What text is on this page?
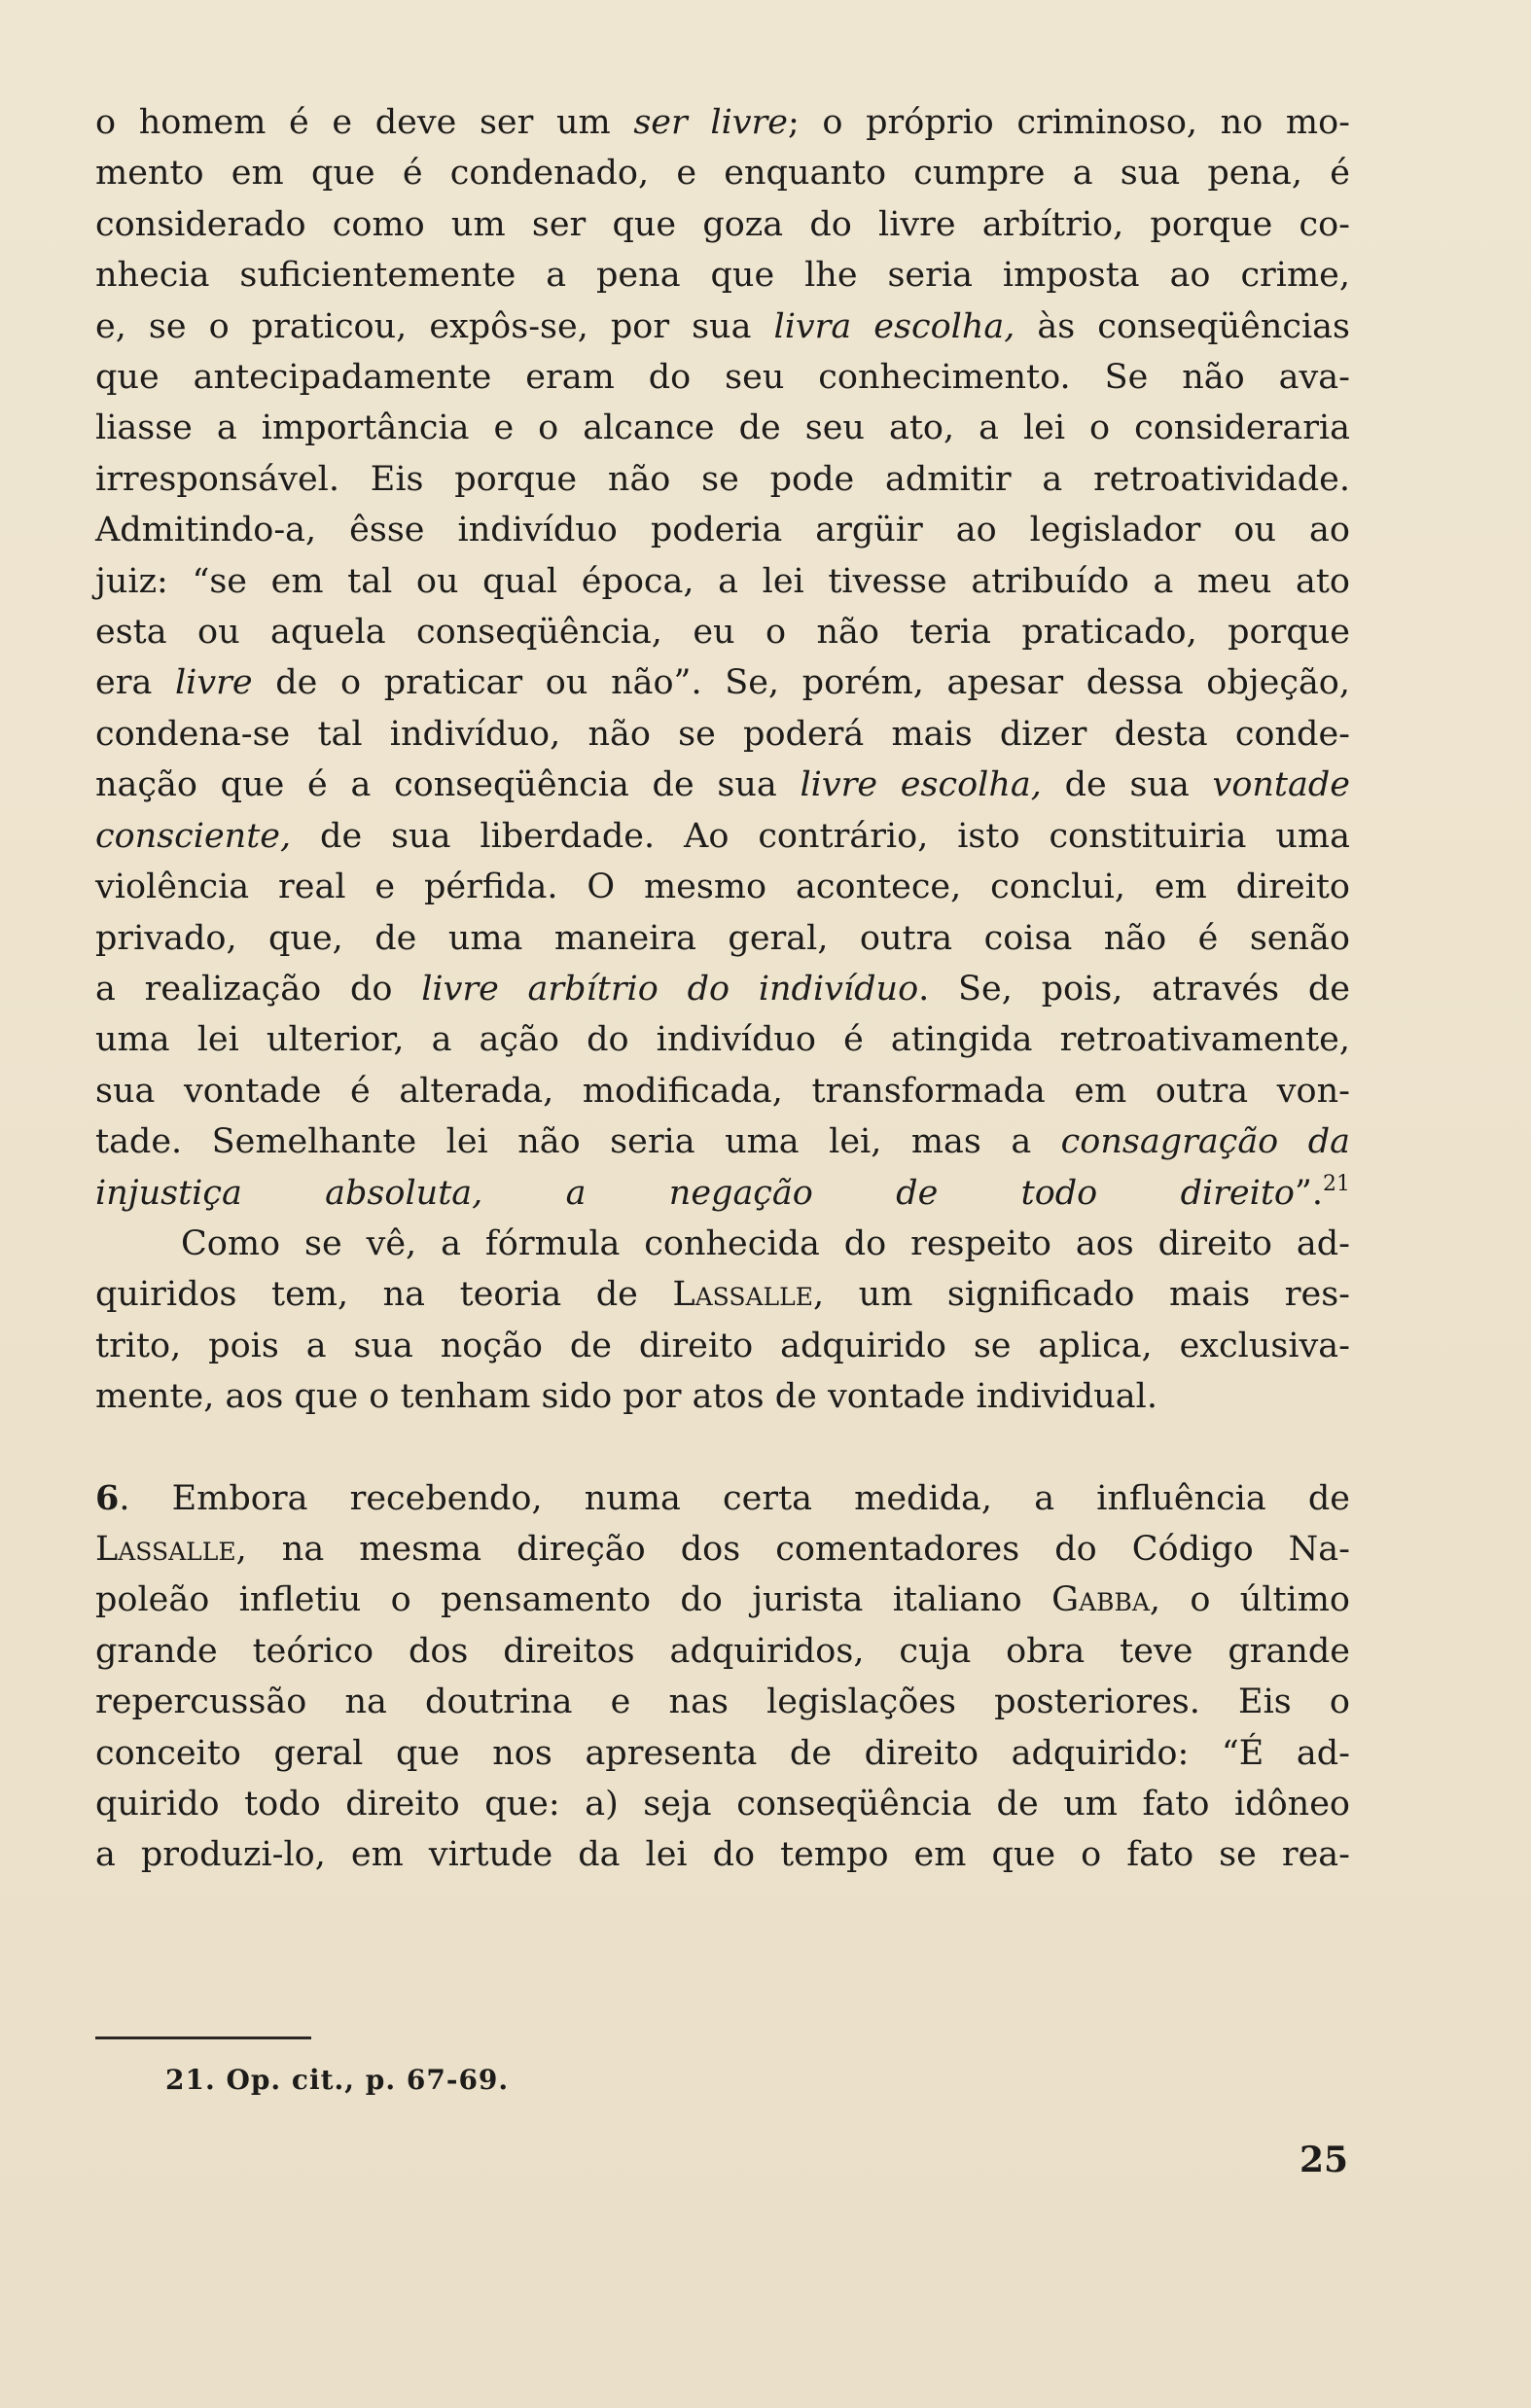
o homem é e deve ser um ser livre; o próprio criminoso, no mo-
mento em que é condenado, e enquanto cumpre a sua pena, é
considerado como um ser que goza do livre arbítrio, porque co-
nhecia suficientemente a pena que lhe seria imposta ao crime,
e, se o praticou, expôs-se, por sua livra escolha, às conseqüências
que antecipadamente eram do seu conhecimento. Se não ava-
liasse a importância e o alcance de seu ato, a lei o consideraria
irresponsável. Eis porque não se pode admitir a retroatividade.
Admitindo-a, êsse indivíduo poderia argüir ao legislador ou ao
juiz: “se em tal ou qual época, a lei tivesse atribuído a meu ato
esta ou aquela conseqüência, eu o não teria praticado, porque
era livre de o praticar ou não”. Se, porém, apesar dessa objeção,
condena-se tal indivíduo, não se poderá mais dizer desta conde-
nação que é a conseqüência de sua livre escolha, de sua vontade
consciente, de sua liberdade. Ao contrário, isto constituiria uma
violência real e pérfida. O mesmo acontece, conclui, em direito
privado, que, de uma maneira geral, outra coisa não é senão
a realização do livre arbítrio do indivíduo. Se, pois, através de
uma lei ulterior, a ação do indivíduo é atingida retroativamente,
sua vontade é alterada, modificada, transformada em outra von-
tade. Semelhante lei não seria uma lei, mas a consagração da
injustiça absoluta, a negação de todo direito”.$^{21}$
Como se vê, a fórmula conhecida do respeito aos direito ad-
quiridos tem, na teoria de Lassalle, um significado mais res-
trito, pois a sua noção de direito adquirido se aplica, exclusiva-
mente, aos que o tenham sido por atos de vontade individual.
6. Embora recebendo, numa certa medida, a influência de
Lassalle, na mesma direção dos comentadores do Código Na-
poleão infletiu o pensamento do jurista italiano Gabba, o último
grande teórico dos direitos adquiridos, cuja obra teve grande
repercussão na doutrina e nas legislações posteriores. Eis o
conceito geral que nos apresenta de direito adquirido: “É ad-
quirido todo direito que: a) seja conseqüência de um fato idôneo
a produzi-lo, em virtude da lei do tempo em que o fato se rea-
21. Op. cit., p. 67-69.
25
